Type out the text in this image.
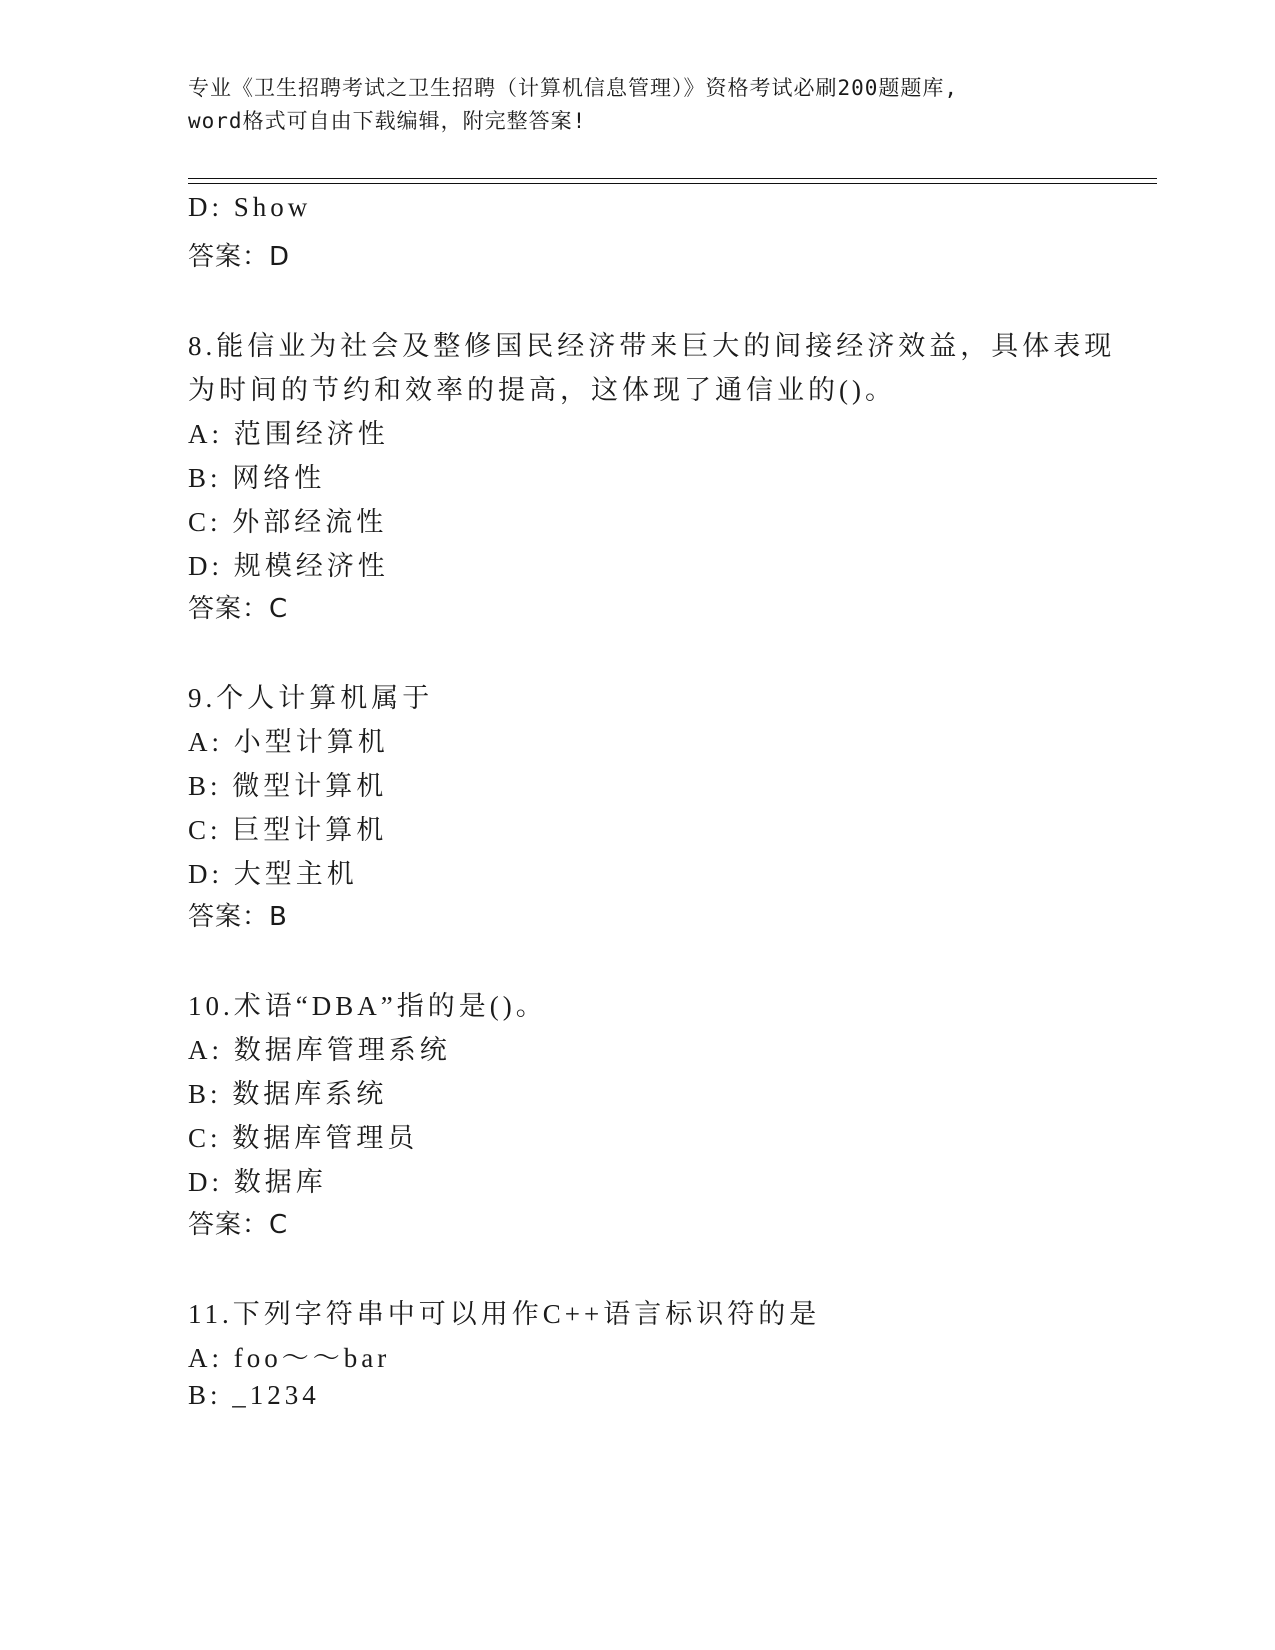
专业《卫生招聘考试之卫生招聘（计算机信息管理）》资格考试必刷200题题库,
word格式可自由下载编辑，附完整答案!
D: Show
答案：D
8.能信业为社会及整修国民经济带来巨大的间接经济效益，具体表现
为时间的节约和效率的提高，这体现了通信业的()。
A: 范围经济性
B: 网络性
C: 外部经流性
D: 规模经济性
答案：C
9.个人计算机属于
A: 小型计算机
B: 微型计算机
C: 巨型计算机
D: 大型主机
答案：B
10.术语“DBA”指的是()。
A: 数据库管理系统
B: 数据库系统
C: 数据库管理员
D: 数据库
答案：C
11.下列字符串中可以用作C++语言标识符的是
A: foo～～bar
B: _1234
